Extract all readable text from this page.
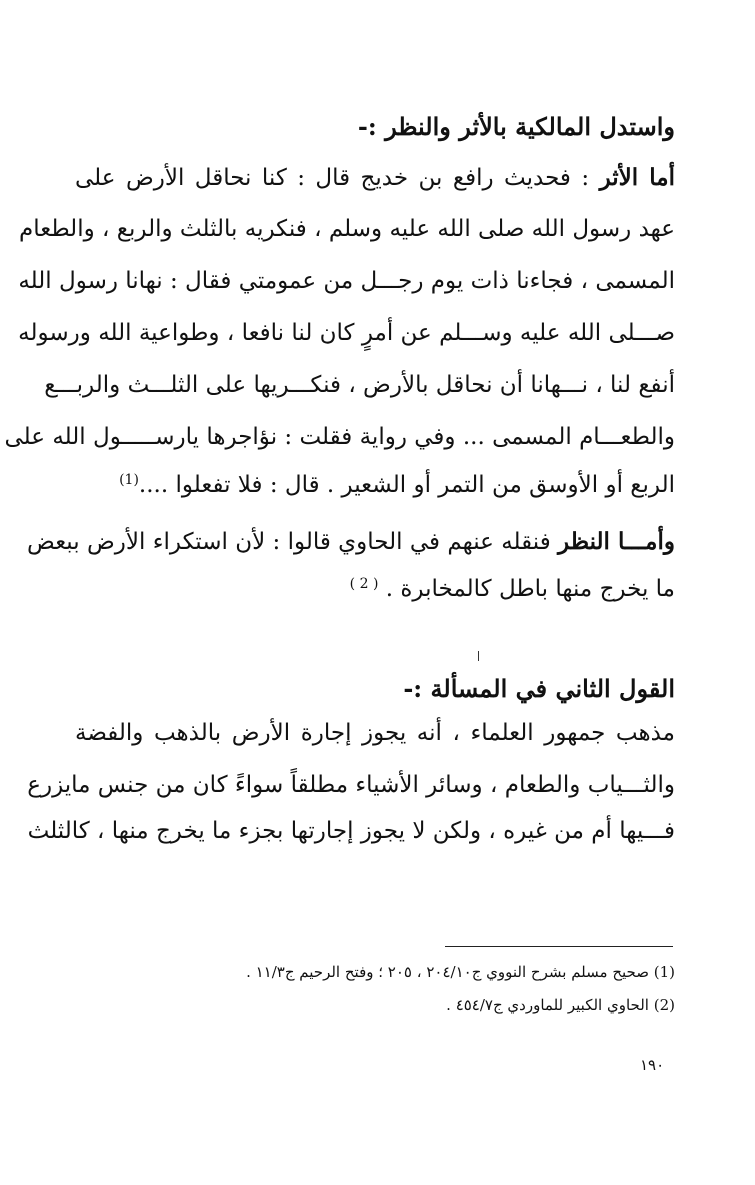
واستدل المالكية بالأثر والنظر :-
أما الأثر : فحديث رافع بن خديج قال : كنا نحاقل الأرض على
عهد رسول الله صلى الله عليه وسلم ، فنكريه بالثلث والربع ، والطعام
المسمى ، فجاءنا ذات يوم رجـــل من عمومتي فقال : نهانا رسول الله
صـــلى الله عليه وســـلم عن أمرٍ كان لنا نافعا ، وطواعية الله ورسوله
أنفع لنا ، نـــهانا أن نحاقل بالأرض ، فنكـــريها على الثلـــث والربـــع
والطعـــام المسمى ... وفي رواية فقلت : نؤاجرها يارســـــول الله على
الربع أو الأوسق من التمر أو الشعير . قال : فلا تفعلوا ....$^{(1)}$
وأمـــا النظر فنقله عنهم في الحاوي قالوا : لأن استكراء الأرض ببعض
ما يخرج منها باطل كالمخابرة . $^{( 2 )}$
القول الثاني في المسألة :-
مذهب جمهور العلماء ، أنه يجوز إجارة الأرض بالذهب والفضة
والثـــياب والطعام ، وسائر الأشياء مطلقاً سواءً كان من جنس مايزرع
فـــيها أم من غيره ، ولكن لا يجوز إجارتها بجزء ما يخرج منها ، كالثلث
(1) صحيح مسلم بشرح النووي ج٢٠٤/١٠ ، ٢٠٥ ؛ وفتح الرحيم ج١١/٣ .
(2) الحاوي الكبير للماوردي ج٤٥٤/٧ .
١٩٠
